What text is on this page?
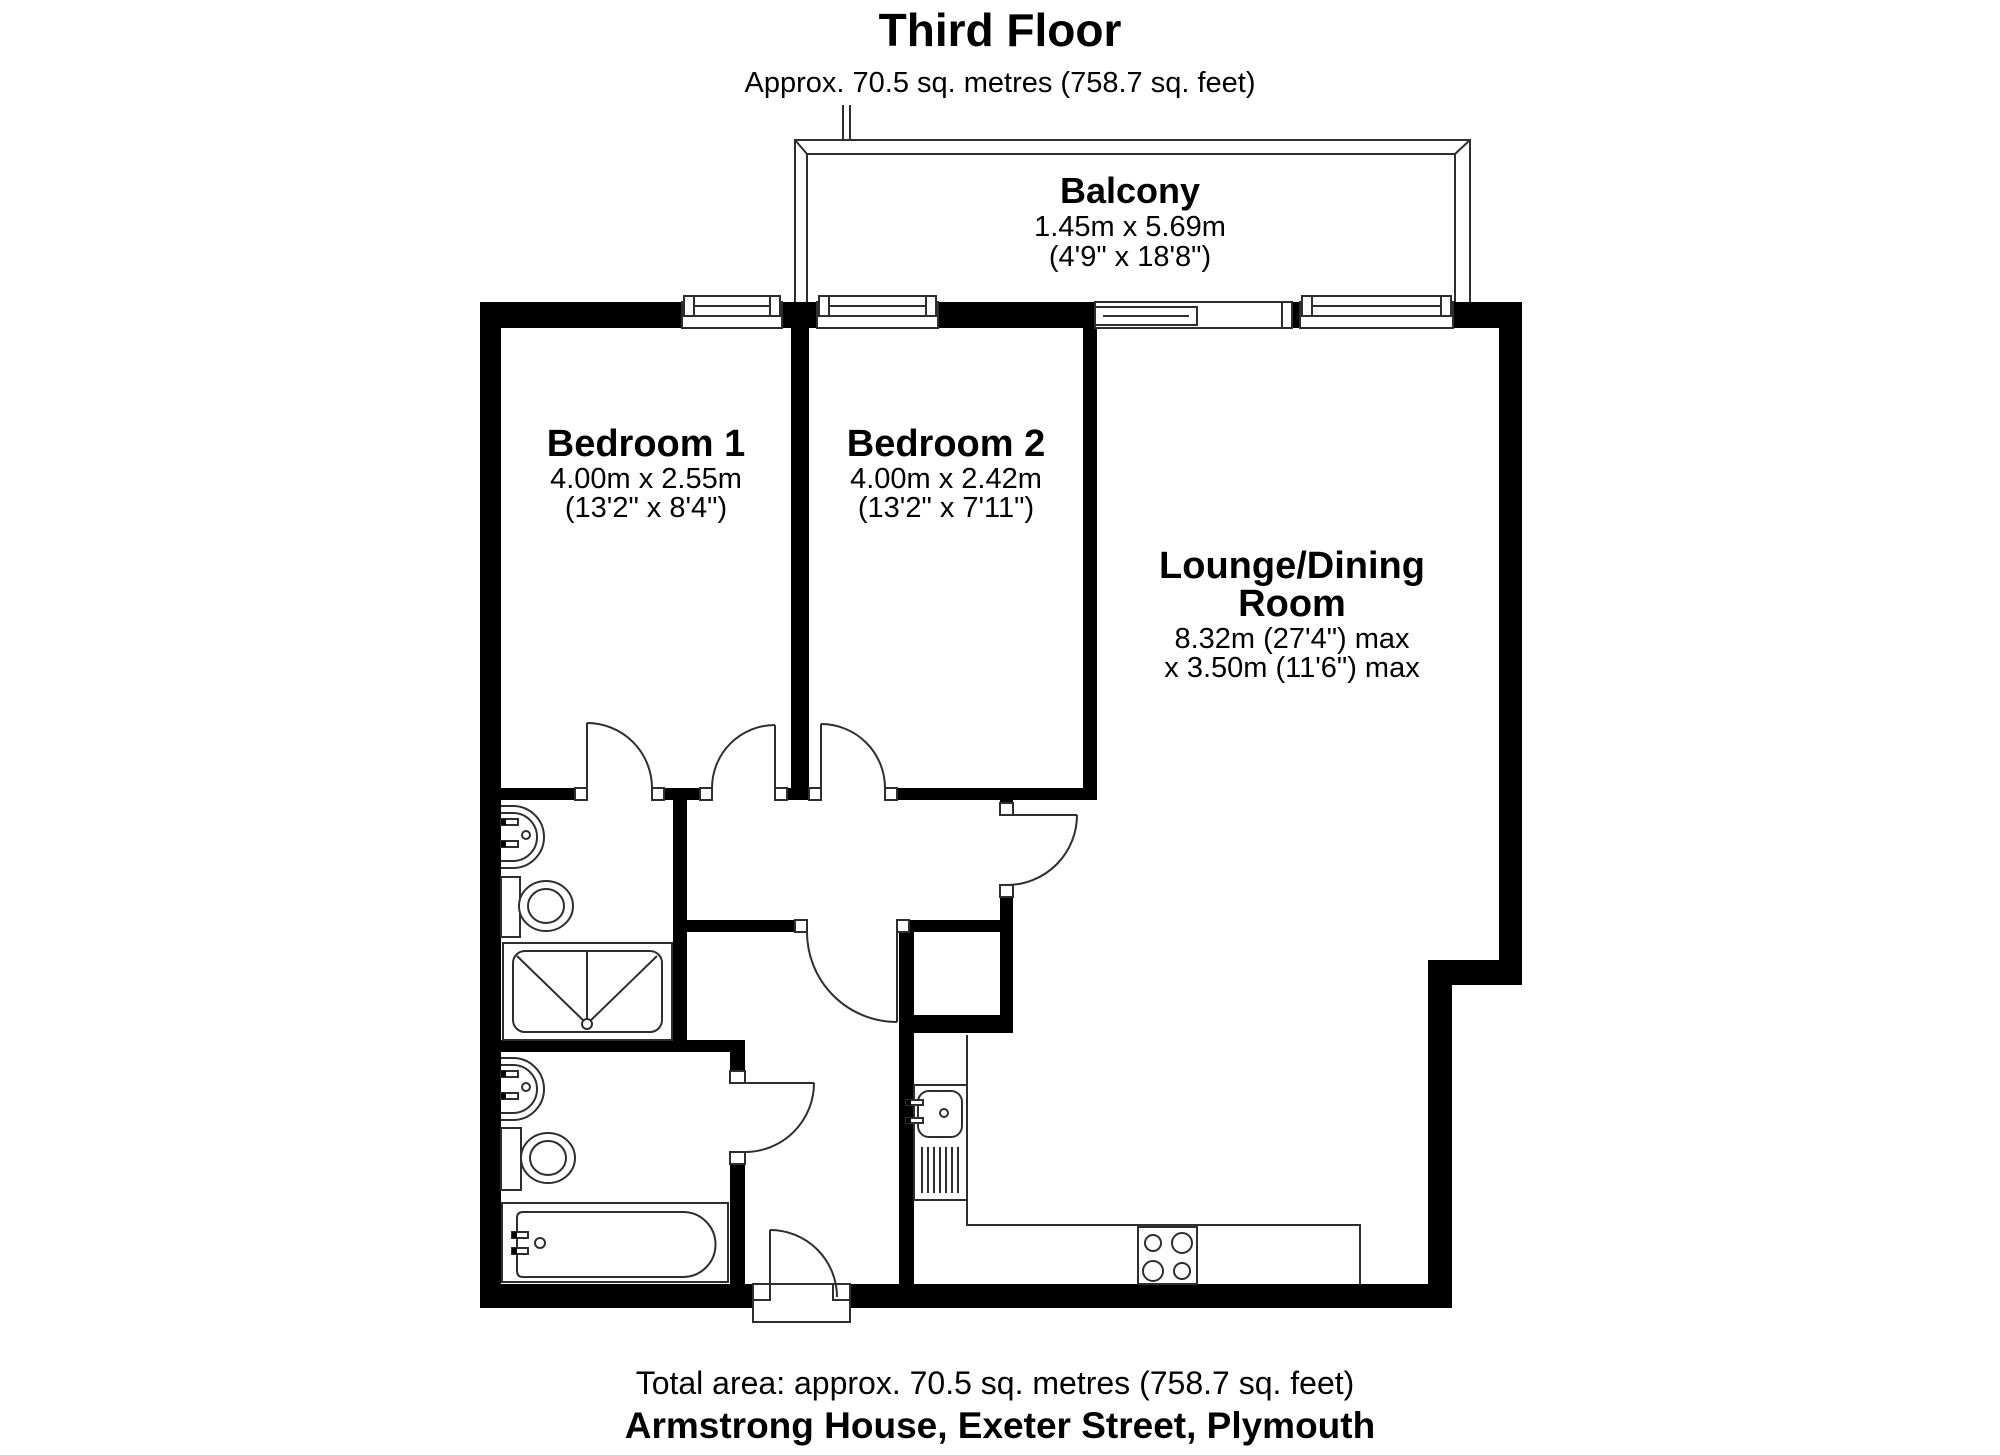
Third Floor
Approx. 70.5 sq. metres (758.7 sq. feet)
Balcony
1.45m x 5.69m
(4'9" x 18'8")
Bedroom 1
4.00m x 2.55m
(13'2" x 8'4")
Bedroom 2
4.00m x 2.42m
(13'2" x 7'11")
Lounge/Dining
Room
8.32m (27'4") max
x 3.50m (11'6") max
Total area: approx. 70.5 sq. metres (758.7 sq. feet)
Armstrong House, Exeter Street, Plymouth
